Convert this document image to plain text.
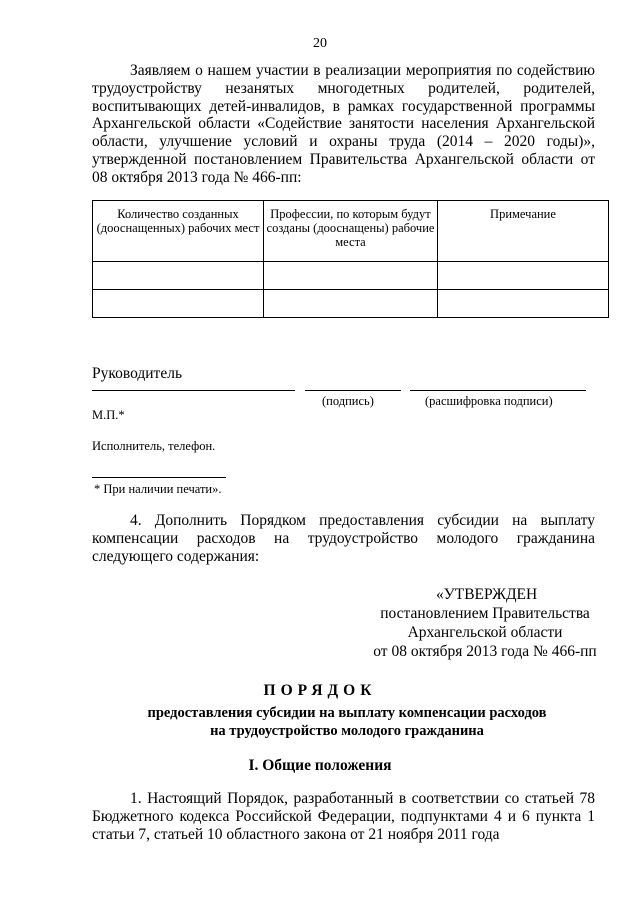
20

Заявляем о нашем участии в реализации мероприятия по содействию трудоустройству незанятых многодетных родителей, родителей, воспитывающих детей-инвалидов, в рамках государственной программы Архангельской области «Содействие занятости населения Архангельской области, улучшение условий и охраны труда (2014 – 2020 годы)», утвержденной постановлением Правительства Архангельской области от 08 октября 2013 года № 466-пп:

Количество созданных (дооснащенных) рабочих мест	Профессии, по которым будут созданы (дооснащены) рабочие места	Примечание

Руководитель
(подпись)	(расшифровка подписи)
М.П.*
Исполнитель, телефон.
* При наличии печати».

4. Дополнить Порядком предоставления субсидии на выплату компенсации расходов на трудоустройство молодого гражданина следующего содержания:

«УТВЕРЖДЕН
постановлением Правительства
Архангельской области
от 08 октября 2013 года № 466-пп
ПОРЯДОК
предоставления субсидии на выплату компенсации расходов
на трудоустройство молодого гражданина
I. Общие положения

1. Настоящий Порядок, разработанный в соответствии со статьей 78 Бюджетного кодекса Российской Федерации, подпунктами 4 и 6 пункта 1 статьи 7, статьей 10 областного закона от 21 ноября 2011 года
